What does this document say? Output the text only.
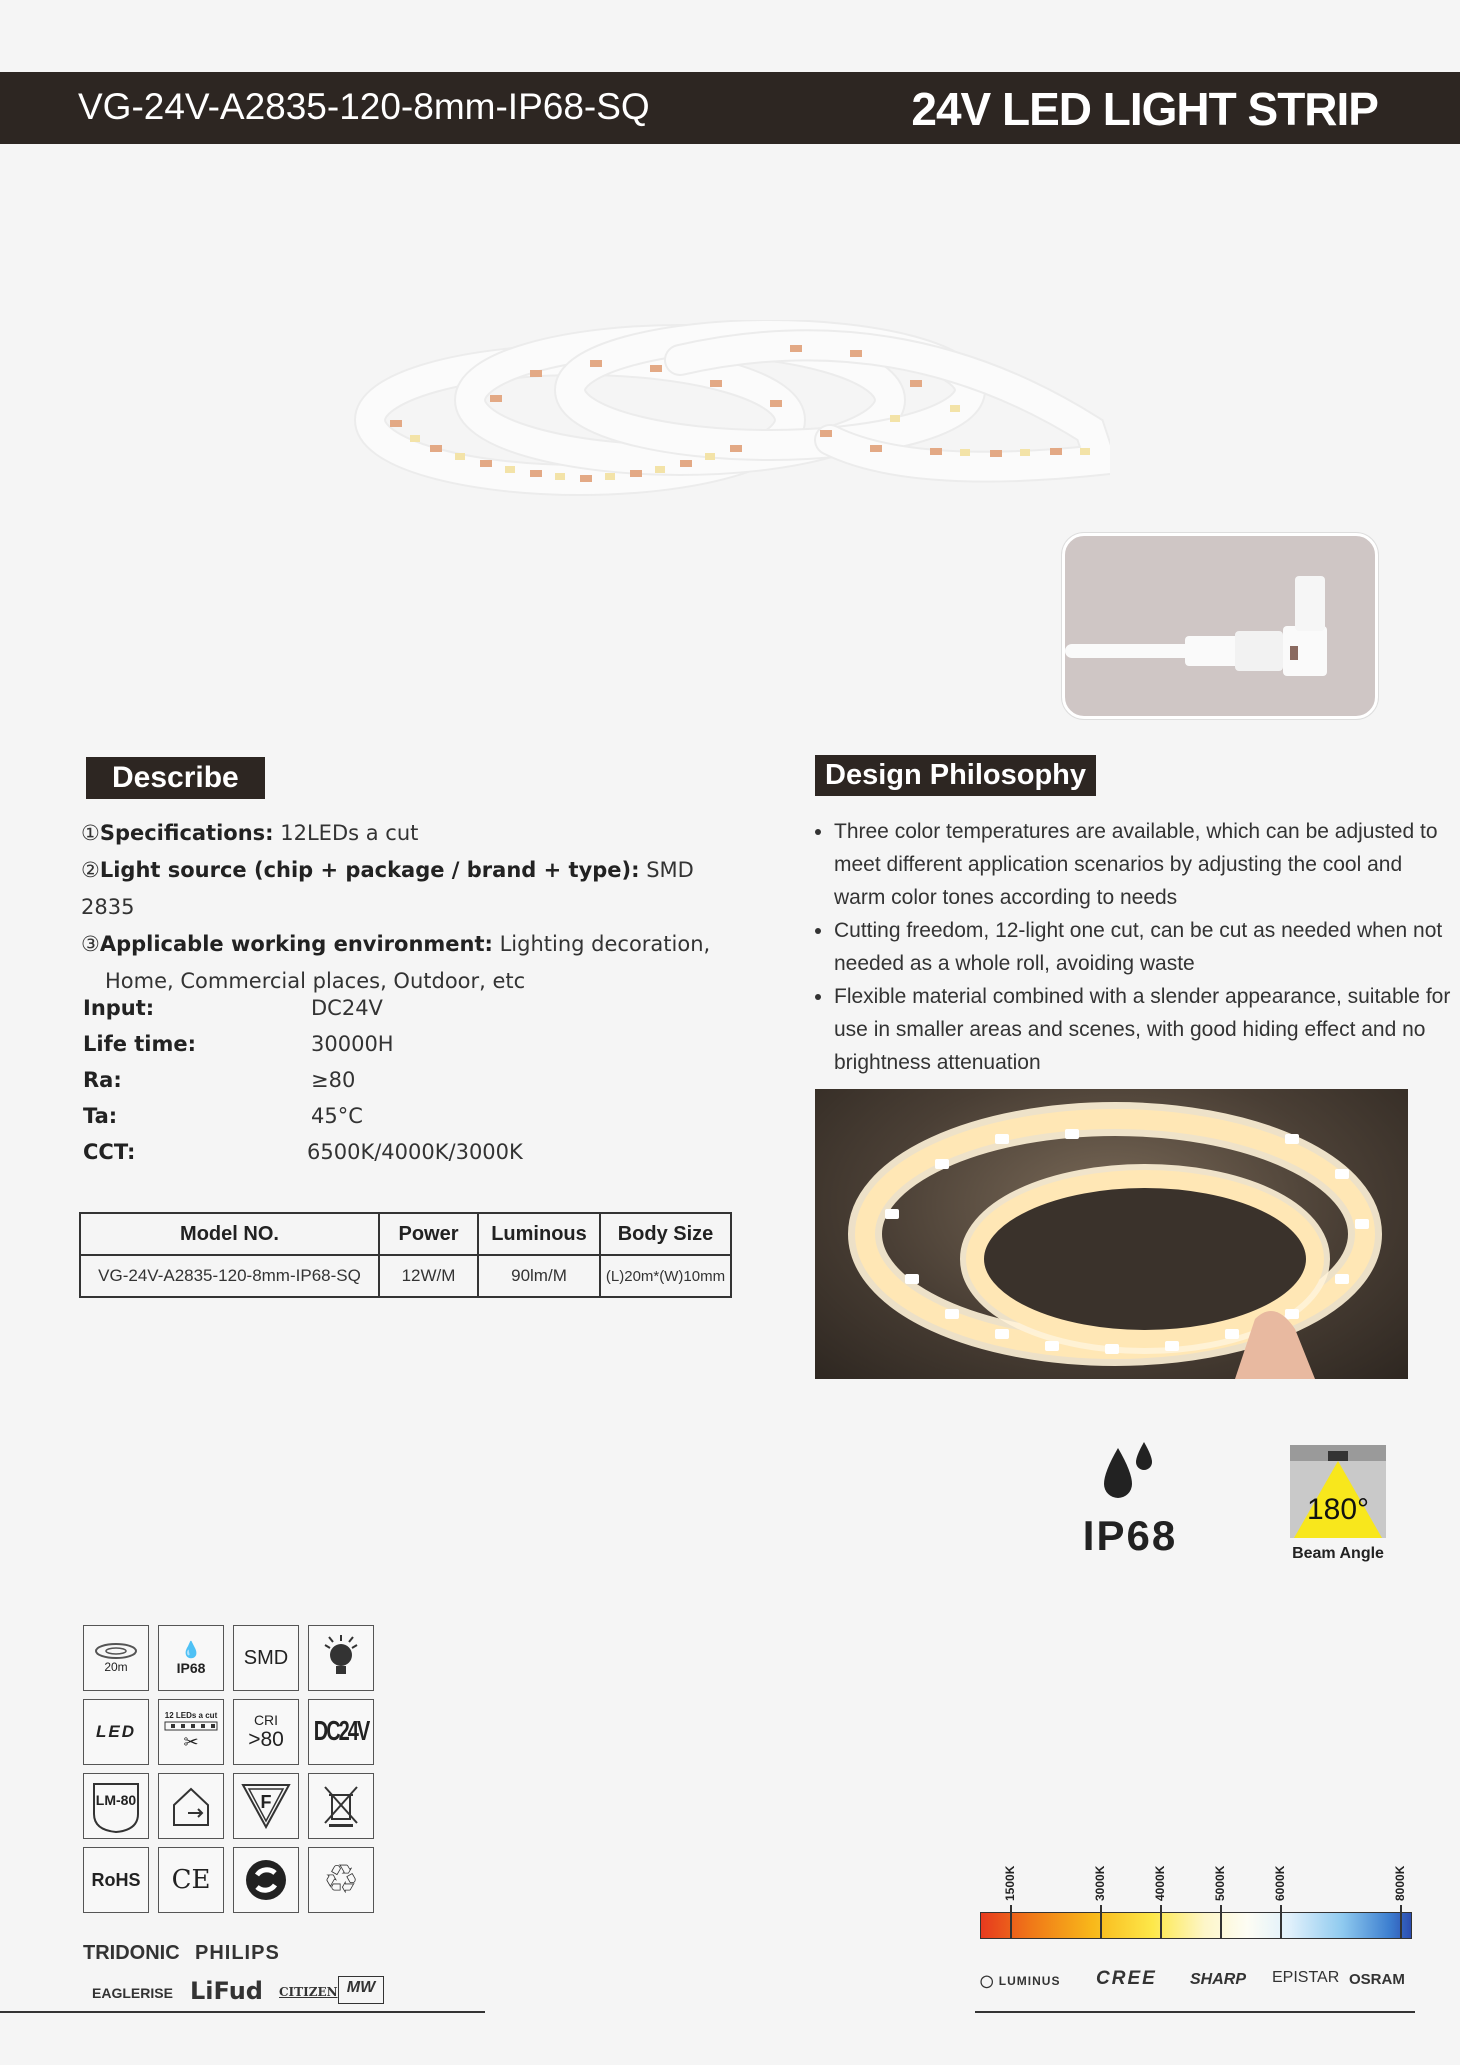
VG-24V-A2835-120-8mm-IP68-SQ	24V LED LIGHT STRIP
Describe
①Specifications: 12LEDs a cut
②Light source (chip + package / brand + type): SMD 2835
③Applicable working environment: Lighting decoration,
Home, Commercial places, Outdoor, etc
Input:	DC24V
Life time:	30000H
Ra:	≥80
Ta:	45°C
CCT:	6500K/4000K/3000K
Model NO.	Power	Luminous	Body Size
VG-24V-A2835-120-8mm-IP68-SQ	12W/M	90lm/M	(L)20m*(W)10mm
Design Philosophy
• Three color temperatures are available, which can be adjusted to meet different application scenarios by adjusting the cool and warm color tones according to needs
• Cutting freedom, 12-light one cut, can be cut as needed when not needed as a whole roll, avoiding waste
• Flexible material combined with a slender appearance, suitable for use in smaller areas and scenes, with good hiding effect and no brightness attenuation
IP68
180°
Beam Angle
20m
💧
IP68 SMD
LED
12 LEDs a cut
✂
CRI
>80 DC24V
LM-80	F
RoHS CE	♲
TRIDONIC PHILIPS
EAGLERISE LiFud CITIZEN MW
1500K	3000K	4000K	5000K	6000K	8000K
◯ LUMINUS CREE SHARP EPISTAR OSRAM
